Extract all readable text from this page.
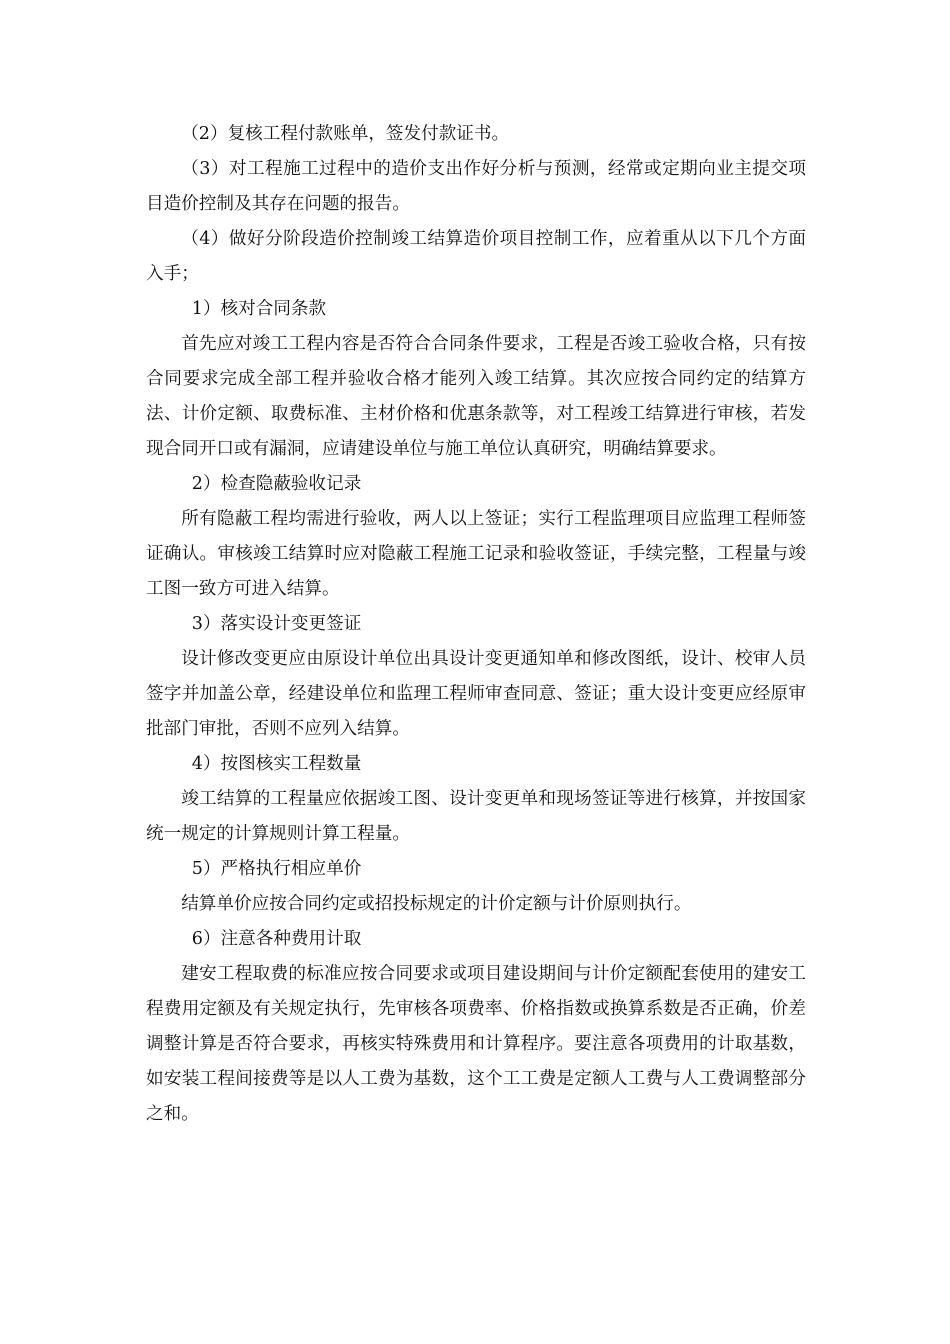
（2）复核工程付款账单，签发付款证书。

（3）对工程施工过程中的造价支出作好分析与预测，经常或定期向业主提交项目造价控制及其存在问题的报告。

（4）做好分阶段造价控制竣工结算造价项目控制工作，应着重从以下几个方面入手；

1）核对合同条款

首先应对竣工工程内容是否符合合同条件要求，工程是否竣工验收合格，只有按合同要求完成全部工程并验收合格才能列入竣工结算。其次应按合同约定的结算方法、计价定额、取费标准、主材价格和优惠条款等，对工程竣工结算进行审核，若发现合同开口或有漏洞，应请建设单位与施工单位认真研究，明确结算要求。

2）检查隐蔽验收记录

所有隐蔽工程均需进行验收，两人以上签证；实行工程监理项目应监理工程师签证确认。审核竣工结算时应对隐蔽工程施工记录和验收签证，手续完整，工程量与竣工图一致方可进入结算。

3）落实设计变更签证

设计修改变更应由原设计单位出具设计变更通知单和修改图纸，设计、校审人员签字并加盖公章，经建设单位和监理工程师审查同意、签证；重大设计变更应经原审批部门审批，否则不应列入结算。

4）按图核实工程数量

竣工结算的工程量应依据竣工图、设计变更单和现场签证等进行核算，并按国家统一规定的计算规则计算工程量。

5）严格执行相应单价

结算单价应按合同约定或招投标规定的计价定额与计价原则执行。

6）注意各种费用计取

建安工程取费的标准应按合同要求或项目建设期间与计价定额配套使用的建安工程费用定额及有关规定执行，先审核各项费率、价格指数或换算系数是否正确，价差调整计算是否符合要求，再核实特殊费用和计算程序。要注意各项费用的计取基数，如安装工程间接费等是以人工费为基数，这个工工费是定额人工费与人工费调整部分之和。
